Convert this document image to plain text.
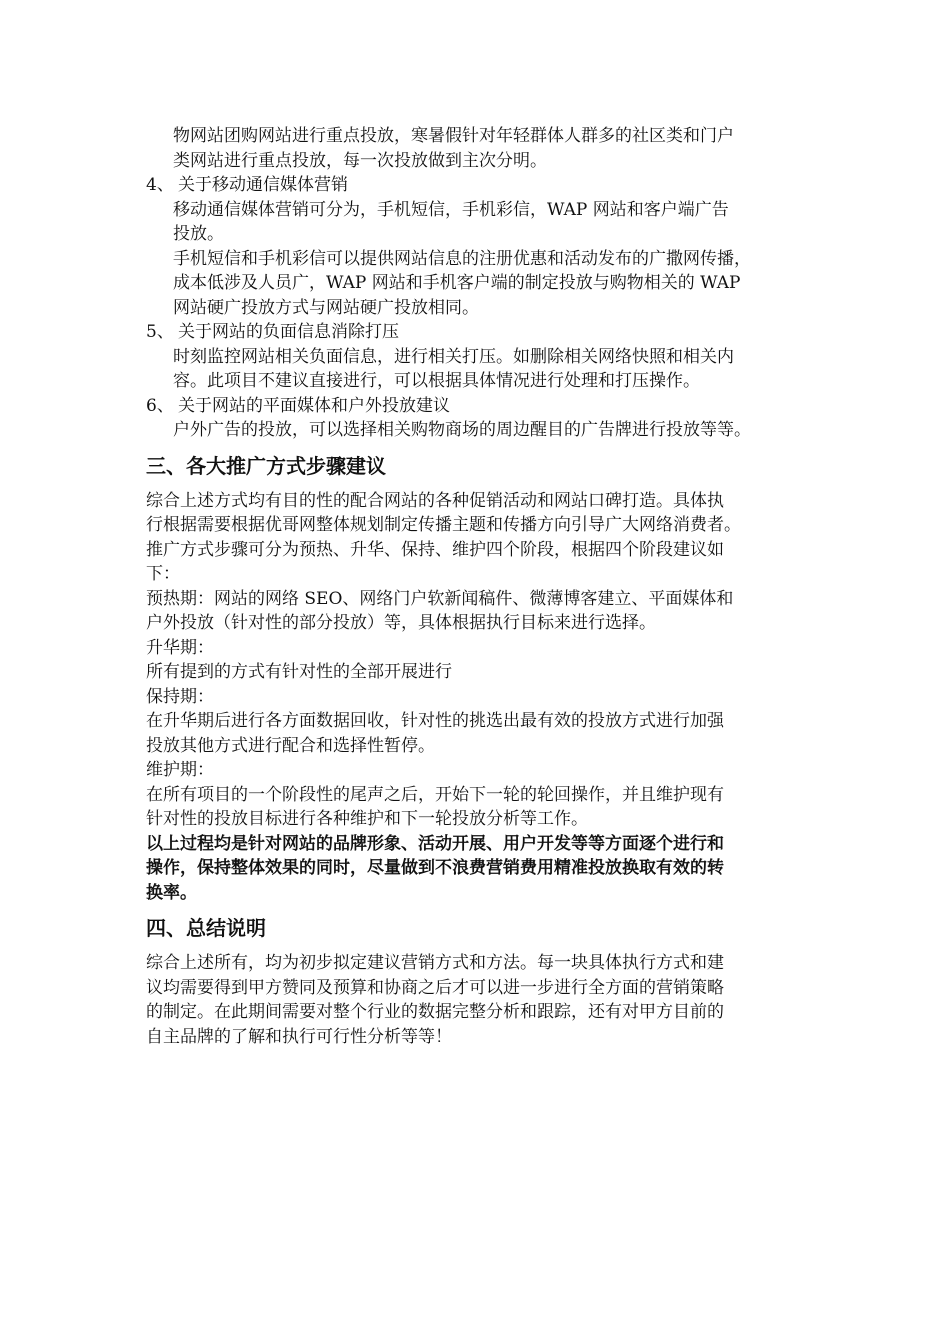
物网站团购网站进行重点投放，寒暑假针对年轻群体人群多的社区类和门户

类网站进行重点投放，每一次投放做到主次分明。

4、 关于移动通信媒体营销

移动通信媒体营销可分为，手机短信，手机彩信，WAP 网站和客户端广告

投放。

手机短信和手机彩信可以提供网站信息的注册优惠和活动发布的广撒网传播，

成本低涉及人员广，WAP 网站和手机客户端的制定投放与购物相关的 WAP

网站硬广投放方式与网站硬广投放相同。

5、 关于网站的负面信息消除打压

时刻监控网站相关负面信息，进行相关打压。如删除相关网络快照和相关内

容。此项目不建议直接进行，可以根据具体情况进行处理和打压操作。

6、 关于网站的平面媒体和户外投放建议

户外广告的投放，可以选择相关购物商场的周边醒目的广告牌进行投放等等。

三、各大推广方式步骤建议

综合上述方式均有目的性的配合网站的各种促销活动和网站口碑打造。具体执

行根据需要根据优哥网整体规划制定传播主题和传播方向引导广大网络消费者。

推广方式步骤可分为预热、升华、保持、维护四个阶段，根据四个阶段建议如

下：

预热期：网站的网络 SEO、网络门户软新闻稿件、微薄博客建立、平面媒体和

户外投放（针对性的部分投放）等，具体根据执行目标来进行选择。

升华期：

所有提到的方式有针对性的全部开展进行

保持期：

在升华期后进行各方面数据回收，针对性的挑选出最有效的投放方式进行加强

投放其他方式进行配合和选择性暂停。

维护期：

在所有项目的一个阶段性的尾声之后，开始下一轮的轮回操作，并且维护现有

针对性的投放目标进行各种维护和下一轮投放分析等工作。

以上过程均是针对网站的品牌形象、活动开展、用户开发等等方面逐个进行和

操作，保持整体效果的同时，尽量做到不浪费营销费用精准投放换取有效的转

换率。

四、总结说明

综合上述所有，均为初步拟定建议营销方式和方法。每一块具体执行方式和建

议均需要得到甲方赞同及预算和协商之后才可以进一步进行全方面的营销策略

的制定。在此期间需要对整个行业的数据完整分析和跟踪，还有对甲方目前的

自主品牌的了解和执行可行性分析等等！
